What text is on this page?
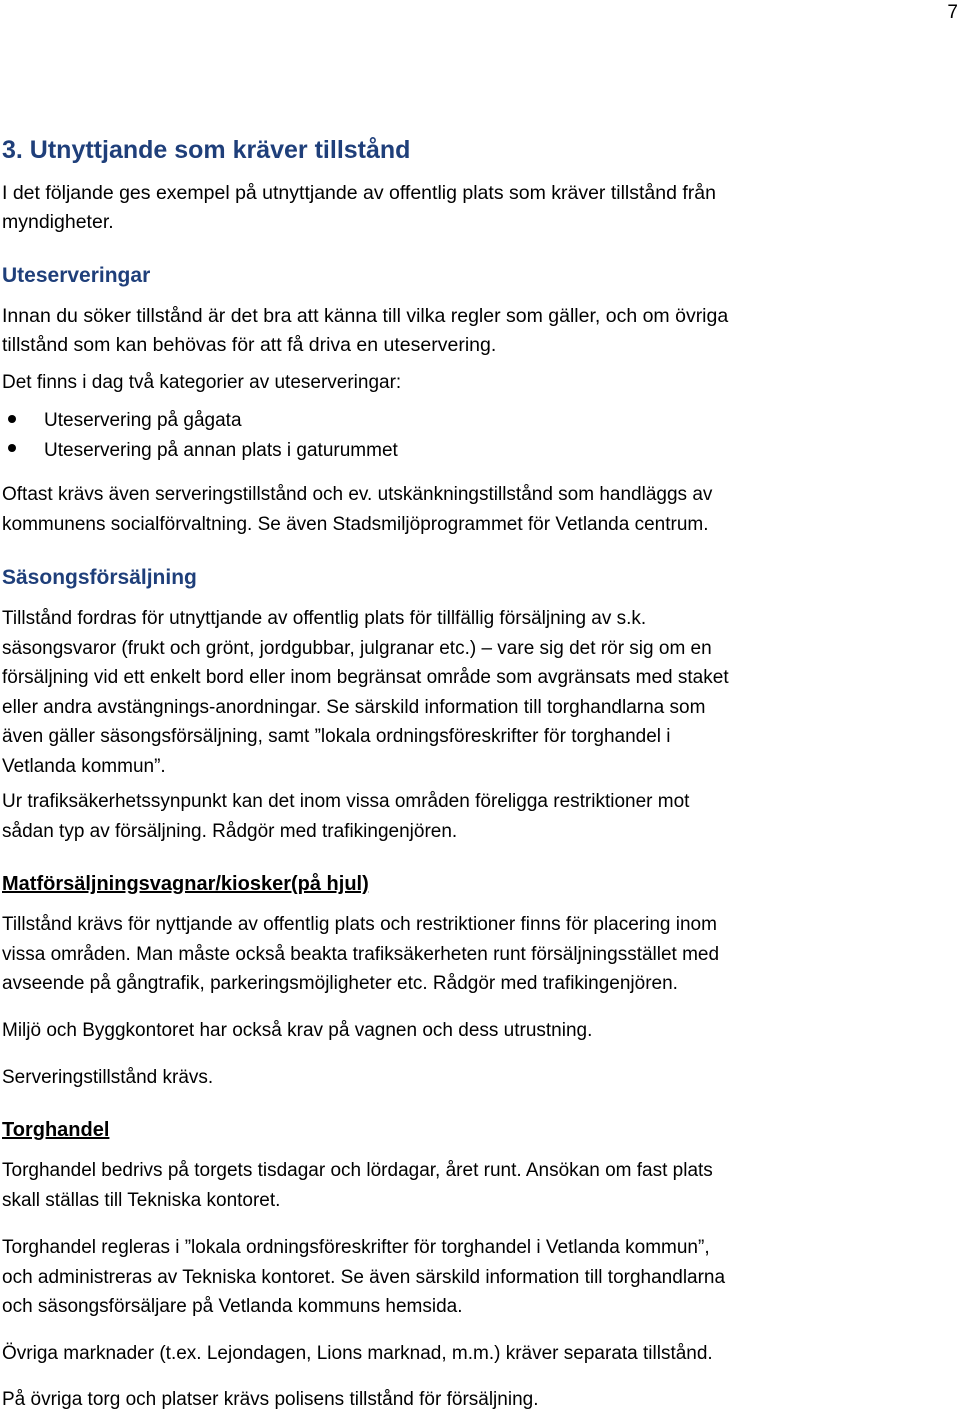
7
3. Utnyttjande som kräver tillstånd
I det följande ges exempel på utnyttjande av offentlig plats som kräver tillstånd från
myndigheter.
Uteserveringar
Innan du söker tillstånd är det bra att känna till vilka regler som gäller, och om övriga
tillstånd som kan behövas för att få driva en uteservering.
Det finns i dag två kategorier av uteserveringar:
Uteservering på gågata
Uteservering på annan plats i gaturummet
Oftast krävs även serveringstillstånd och ev. utskänkningstillstånd som handläggs av
kommunens socialförvaltning. Se även Stadsmiljöprogrammet för Vetlanda centrum.
Säsongsförsäljning
Tillstånd fordras för utnyttjande av offentlig plats för tillfällig försäljning av s.k.
säsongsvaror (frukt och grönt, jordgubbar, julgranar etc.) – vare sig det rör sig om en
försäljning vid ett enkelt bord eller inom begränsat område som avgränsats med staket
eller andra avstängnings-anordningar. Se särskild information till torghandlarna som
även gäller säsongsförsäljning, samt ”lokala ordningsföreskrifter för torghandel i
Vetlanda kommun”.
Ur trafiksäkerhetssynpunkt kan det inom vissa områden föreligga restriktioner mot
sådan typ av försäljning. Rådgör med trafikingenjören.
Matförsäljningsvagnar/kiosker(på hjul)
Tillstånd krävs för nyttjande av offentlig plats och restriktioner finns för placering inom
vissa områden. Man måste också beakta trafiksäkerheten runt försäljningsstället med
avseende på gångtrafik, parkeringsmöjligheter etc. Rådgör med trafikingenjören.
Miljö och Byggkontoret har också krav på vagnen och dess utrustning.
Serveringstillstånd krävs.
Torghandel
Torghandel bedrivs på torgets tisdagar och lördagar, året runt. Ansökan om fast plats
skall ställas till Tekniska kontoret.
Torghandel regleras i ”lokala ordningsföreskrifter för torghandel i Vetlanda kommun”,
och administreras av Tekniska kontoret. Se även särskild information till torghandlarna
och säsongsförsäljare på Vetlanda kommuns hemsida.
Övriga marknader (t.ex. Lejondagen, Lions marknad, m.m.) kräver separata tillstånd.
På övriga torg och platser krävs polisens tillstånd för försäljning.
